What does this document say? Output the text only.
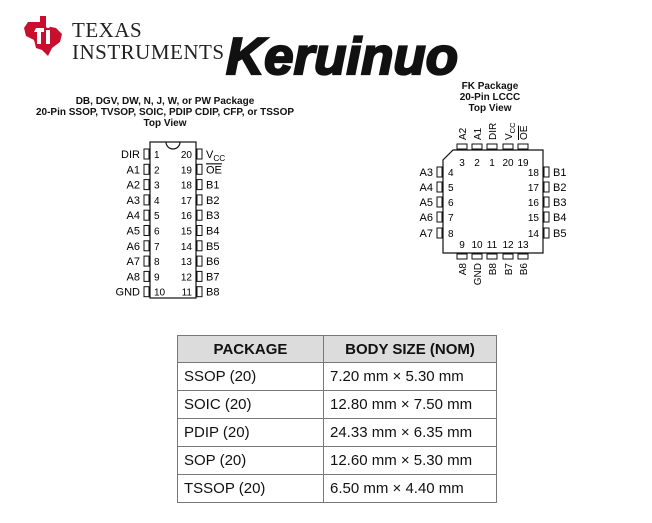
TEXAS
INSTRUMENTS Keruinuo
DB, DGV, DW, N, J, W, or PW Package
20-Pin SSOP, TVSOP, SOIC, PDIP CDIP, CFP, or TSSOP
Top View
1
DIR
2
A1
3
A2
4
A3
5
A4
6
A5
7
A6
8
A7
9
A8
10
GND
20 $V_{CC}$
19 OE
18 B1
17 B2
16 B3
15 B4
14 B5
13 B6
12 B7
11 B8
FK Package
20-Pin LCCC
Top View
3
A2
2
A1
1
DIR
20
$V_{CC}$
19
OE
9
A8
10
GND
11
B8
12
B7
13
B6
4
A3
5
A4
6
A5
7
A6
8
A7
18 B1
17 B2
16 B3
15 B4
14 B5
PACKAGE	BODY SIZE (NOM)
SSOP (20)	7.20 mm × 5.30 mm
SOIC (20)	12.80 mm × 7.50 mm
PDIP (20)	24.33 mm × 6.35 mm
SOP (20)	12.60 mm × 5.30 mm
TSSOP (20)	6.50 mm × 4.40 mm
